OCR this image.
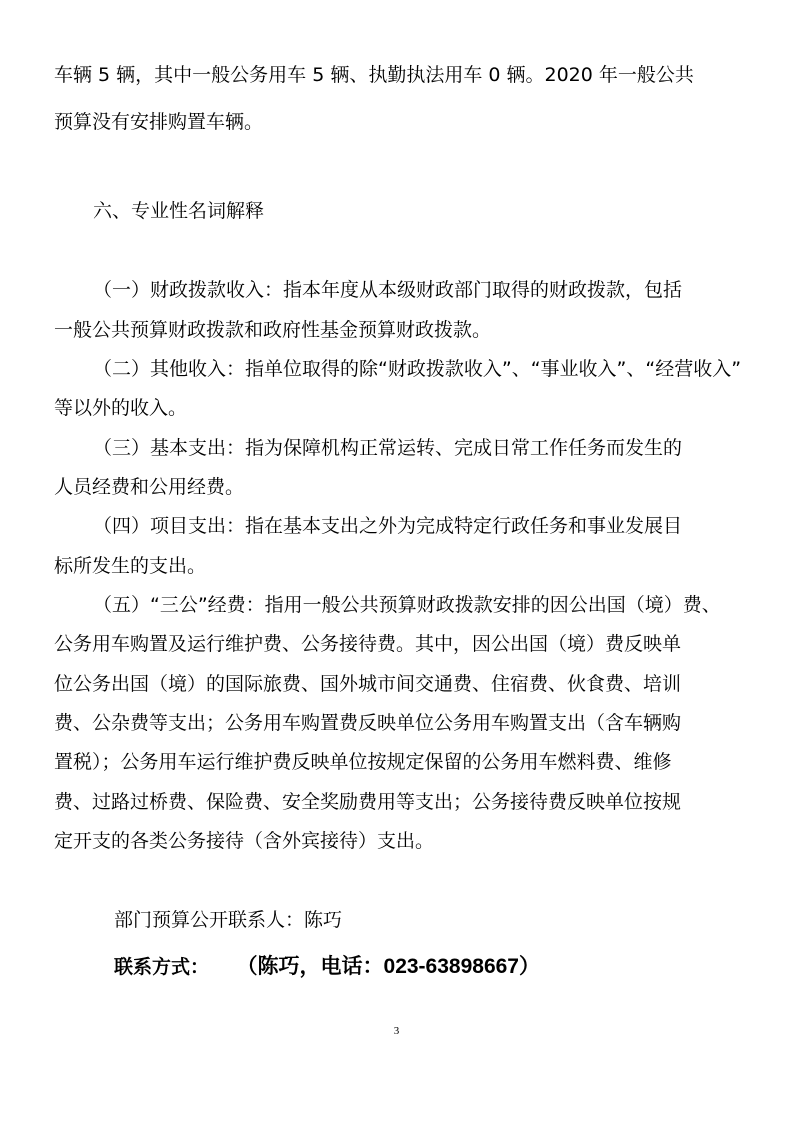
车辆 5 辆，其中一般公务用车 5 辆、执勤执法用车 0 辆。2020 年一般公共

预算没有安排购置车辆。

六、专业性名词解释

（一）财政拨款收入：指本年度从本级财政部门取得的财政拨款，包括

一般公共预算财政拨款和政府性基金预算财政拨款。

（二）其他收入：指单位取得的除“财政拨款收入”、“事业收入”、“经营收入”

等以外的收入。

（三）基本支出：指为保障机构正常运转、完成日常工作任务而发生的

人员经费和公用经费。

（四）项目支出：指在基本支出之外为完成特定行政任务和事业发展目

标所发生的支出。

（五）“三公”经费：指用一般公共预算财政拨款安排的因公出国（境）费、

公务用车购置及运行维护费、公务接待费。其中，因公出国（境）费反映单

位公务出国（境）的国际旅费、国外城市间交通费、住宿费、伙食费、培训

费、公杂费等支出；公务用车购置费反映单位公务用车购置支出（含车辆购

置税）；公务用车运行维护费反映单位按规定保留的公务用车燃料费、维修

费、过路过桥费、保险费、安全奖励费用等支出；公务接待费反映单位按规

定开支的各类公务接待（含外宾接待）支出。

部门预算公开联系人：陈巧

联系方式： （陈巧，电话：023-63898667）

3
